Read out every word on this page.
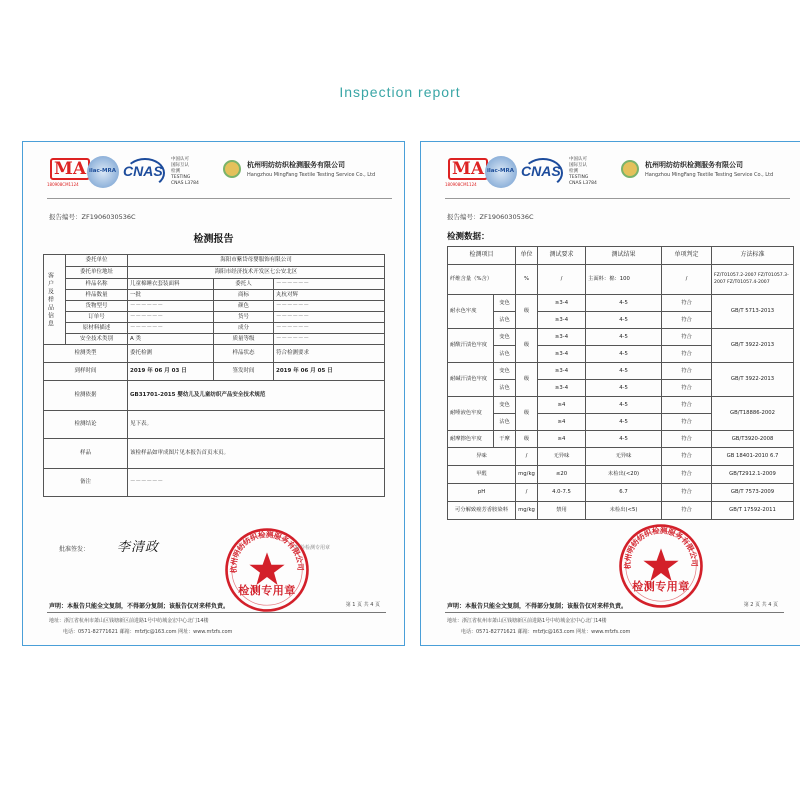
Inspection report
MA
180908CM1124
ilac-MRA CNAS
中国认可
国际互认
检测
TESTING
CNAS L3784
杭州明纺纺织检测服务有限公司
Hangzhou MingFang Textile Testing Service Co., Ltd
报告编号：ZF1906030536C
检测报告
客户及样品信息	委托单位	海阳市紫岱母婴服饰有限公司		
	委托单位地址	海阳市经济技术开发区七公安北区		
	样品名称	儿童棉睡衣套装面料	委托人	－－－－－－
	样品数量	一批	商标	丸杭对辉
	货物型号	－－－－－－	颜色	－－－－－－
	订单号	－－－－－－	货号	－－－－－－
	原材料描述	－－－－－－	成分	－－－－－－
	安全技术类别	A 类	质量等级	－－－－－－
检测类型		委托检测	样品状态	符合检测要求
到样时间		2019 年 06 月 03 日	签发时间	2019 年 06 月 05 日
检测依据		GB31701-2015 婴幼儿及儿童纺织产品安全技术规范		
检测结论		见下表。		
样品		该检样品如审成图片见本报告首页末页。		
备注		－－－－－－		
批准签发： 李清政	检验检测专用章
杭州明纺纺织检测服务有限公司
检测专用章
声明：本报告只能全文复制，不得部分复制；该报告仅对来样负责。	第 1 页 共 4 页
地址：浙江省杭州市萧山区钱塘新区前进路1号中纺城金宏中心北门14楼
电话：0571-82771621 邮箱：mfzfjc@163.com 网址：www.mfzfs.com
MA
180908CM1124
ilac-MRA CNAS
中国认可
国际互认
检测
TESTING
CNAS L3784
杭州明纺纺织检测服务有限公司
Hangzhou MingFang Textile Testing Service Co., Ltd
报告编号：ZF1906030536C
检测数据：
检测项目		单位	测试要求	测试结果	单项判定	方法标准
纤维含量（%含）		%	/	主面料：棉：100	/	FZ/T01057.2-2007 FZ/T01057.3-2007 FZ/T01057.4-2007
耐水色牢度	变色	级	≥3-4	4-5	符合	GB/T 5713-2013
	沾色		≥3-4	4-5	符合	
耐酸汗渍色牢度	变色	级	≥3-4	4-5	符合	GB/T 3922-2013
	沾色		≥3-4	4-5	符合	
耐碱汗渍色牢度	变色	级	≥3-4	4-5	符合	GB/T 3922-2013
	沾色		≥3-4	4-5	符合	
耐唾液色牢度	变色	级	≥4	4-5	符合	GB/T18886-2002
	沾色		≥4	4-5	符合	
耐摩擦色牢度	干摩	级	≥4	4-5	符合	GB/T3920-2008
异味		/	无异味	无异味	符合	GB 18401-2010 6.7
甲醛		mg/kg	≤20	未检出(<20)	符合	GB/T2912.1-2009
pH		/	4.0-7.5	6.7	符合	GB/T 7573-2009
可分解致癌芳香胺染料		mg/kg	禁用	未检出(<5)	符合	GB/T 17592-2011
杭州明纺纺织检测服务有限公司
检测专用章
声明：本报告只能全文复制，不得部分复制；该报告仅对来样负责。	第 2 页 共 4 页
地址：浙江省杭州市萧山区钱塘新区前进路1号中纺城金宏中心北门14楼
电话：0571-82771621 邮箱：mfzfjc@163.com 网址：www.mfzfs.com
